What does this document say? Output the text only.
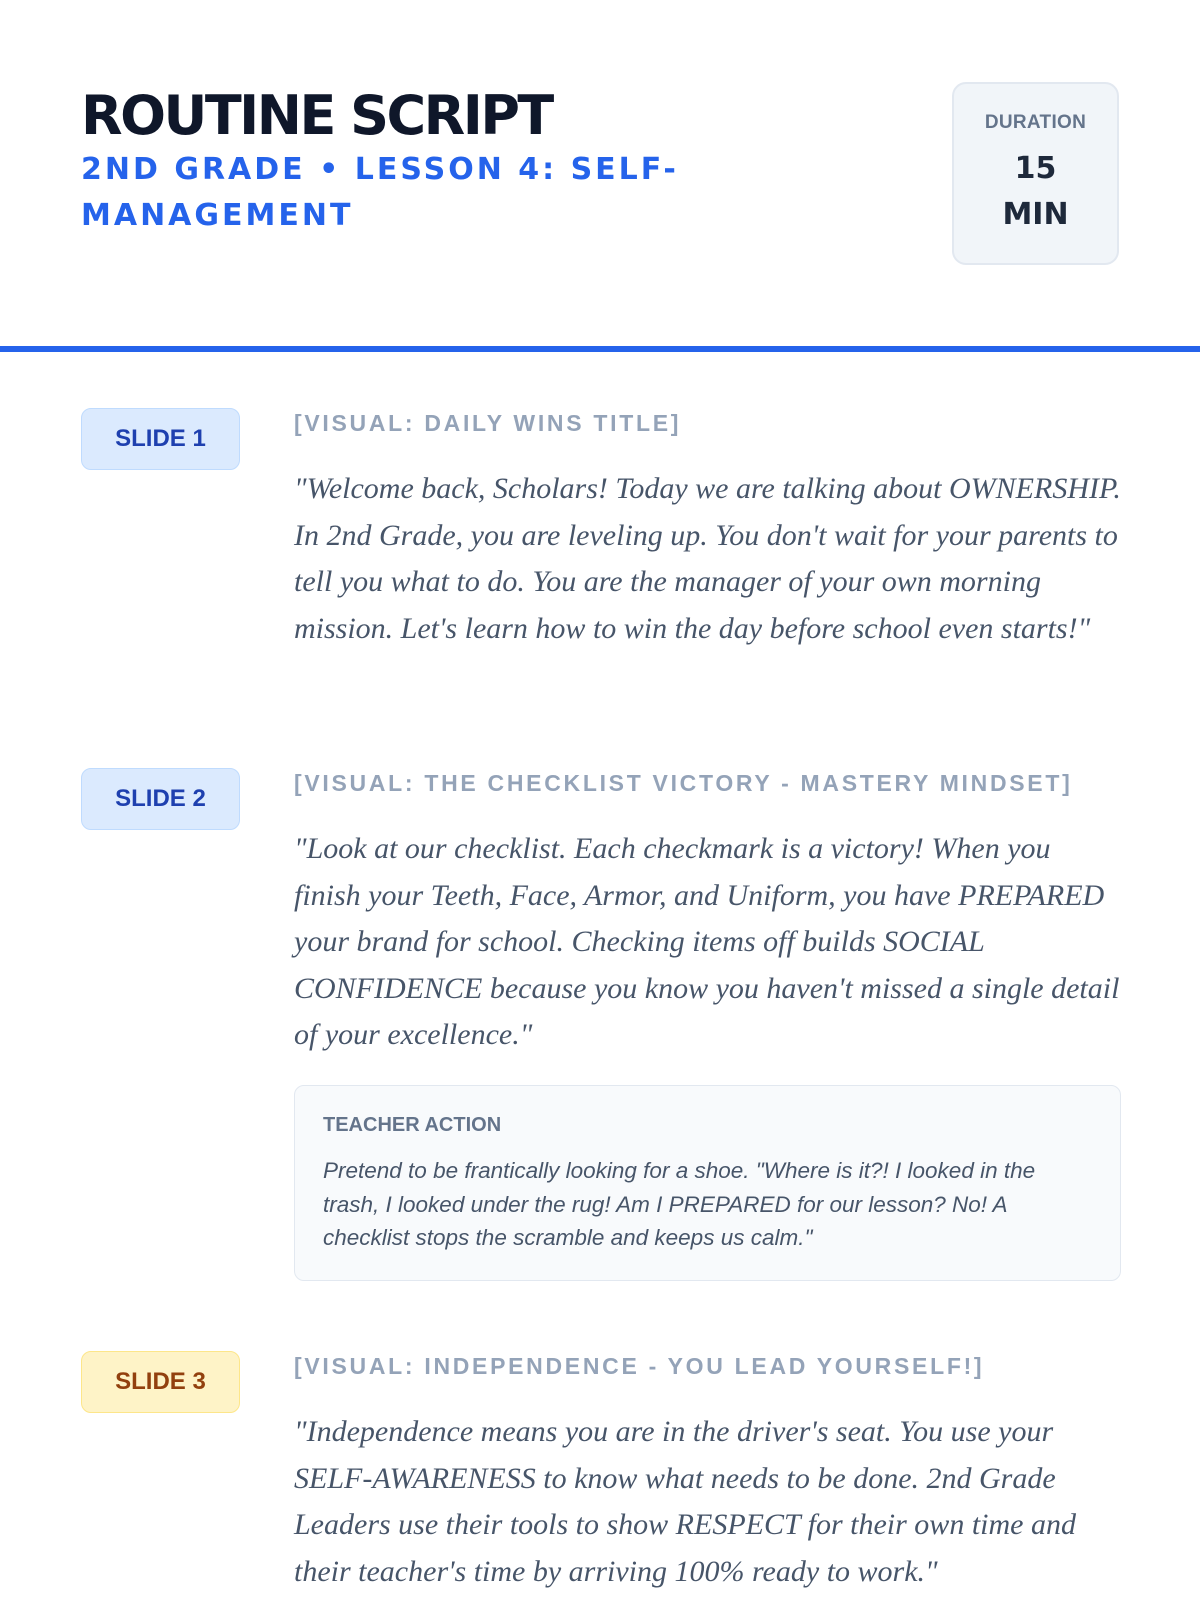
ROUTINE SCRIPT
2ND GRADE • LESSON 4: SELF-MANAGEMENT
DURATION
15 MIN
SLIDE 1
[VISUAL: DAILY WINS TITLE]

"Welcome back, Scholars! Today we are talking about OWNERSHIP. In 2nd Grade, you are leveling up. You don't wait for your parents to tell you what to do. You are the manager of your own morning mission. Let's learn how to win the day before school even starts!"

SLIDE 2
[VISUAL: THE CHECKLIST VICTORY - MASTERY MINDSET]

"Look at our checklist. Each checkmark is a victory! When you finish your Teeth, Face, Armor, and Uniform, you have PREPARED your brand for school. Checking items off builds SOCIAL CONFIDENCE because you know you haven't missed a single detail of your excellence."

TEACHER ACTION

Pretend to be frantically looking for a shoe. "Where is it?! I looked in the trash, I looked under the rug! Am I PREPARED for our lesson? No! A checklist stops the scramble and keeps us calm."

SLIDE 3
[VISUAL: INDEPENDENCE - YOU LEAD YOURSELF!]

"Independence means you are in the driver's seat. You use your SELF-AWARENESS to know what needs to be done. 2nd Grade Leaders use their tools to show RESPECT for their own time and their teacher's time by arriving 100% ready to work."
